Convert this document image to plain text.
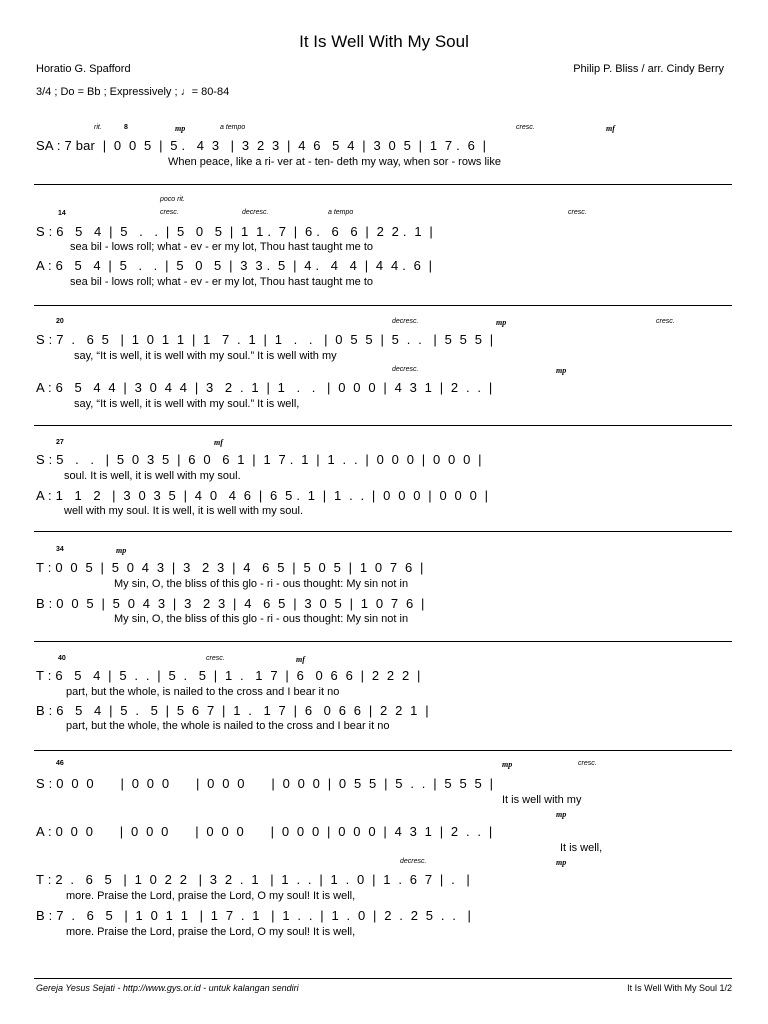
It Is Well With My Soul
Horatio G. Spafford	Philip P. Bliss / arr. Cindy Berry
3/4 ; Do = Bb ; Expressively ; ♩= 80-84
rit.	8	mp	a tempo	cresc.	mf
SA : 7 bar  |  0  0  5  |  5 .   4  3   |  3  2  3  |  4  6   5  4  |  3  0  5  |  1  7 .  6  |
When peace, like a ri- ver at - ten- deth my way, when sor - rows like
poco rit.
14	cresc.	decresc.	a tempo	cresc.
S : 6   5   4  |  5   .   .  |  5   0   5  |  1  1 .  7  |  6 .   6   6  |  2  2 .  1  |
sea bil - lows roll; what - ev - er my lot, Thou hast taught me to
A : 6   5   4  |  5   .   .  |  5   0   5  |  3  3 .  5  |  4 .   4   4  |  4  4 .  6  |
sea bil - lows roll; what - ev - er my lot, Thou hast taught me to
20	decresc.	mp	cresc.
S : 7  .   6  5   |  1  0  1  1  |  1   7  .  1  |  1   .   .   |  0  5  5  |  5  .  .   |  5  5  5  |
say, “It is well, it is well with my soul.” It is well with my
decresc.	mp
A : 6   5   4  4  |  3  0  4  4  |  3   2  .  1  |  1   .   .   |  0  0  0  |  4  3  1  |  2  .  .  |
say, “It is well, it is well with my soul.” It is well,
27	mf
S : 5   .   .   |  5  0  3  5  |  6  0   6  1  |  1  7 .  1  |  1  .  .  |  0  0  0  |  0  0  0  |
soul. It is well, it is well with my soul.
A : 1   1   2   |  3  0  3  5  |  4  0   4  6  |  6  5 .  1  |  1  .  .  |  0  0  0  |  0  0  0  |
well with my soul. It is well, it is well with my soul.
34	mp
T : 0  0  5  |  5  0  4  3  |  3   2  3  |  4   6  5  |  5  0  5  |  1  0  7  6  |
My sin, O, the bliss of this glo - ri - ous thought: My sin not in
B : 0  0  5  |  5  0  4  3  |  3   2  3  |  4   6  5  |  3  0  5  |  1  0  7  6  |
My sin, O, the bliss of this glo - ri - ous thought: My sin not in
40	cresc.	mf
T : 6   5   4  |  5  .  .  |  5  .   5  |  1  .   1  7  |  6   0  6  6  |  2  2  2  |
part, but the whole, is nailed to the cross and I bear it no
B : 6   5   4  |  5  .   5  |  5  6  7  |  1  .   1  7  |  6   0  6  6  |  2  2  1  |
part, but the whole, the whole is nailed to the cross and I bear it no
46	mp	cresc.
S : 0  0  0       |  0  0  0       |  0  0  0       |  0  0  0  |  0  5  5  |  5  .  .  |  5  5  5  |
It is well with my
mp
A : 0  0  0       |  0  0  0       |  0  0  0       |  0  0  0  |  0  0  0  |  4  3  1  |  2  .  .  |
It is well,
decresc.	mp
T : 2  .   6   5   |  1  0  2  2   |  3  2  .  1   |  1  .  .  |  1  .  0  |  1  .  6  7  |  .   |
more. Praise the Lord, praise the Lord, O my soul! It is well,
B : 7  .   6   5   |  1  0  1  1   |  1  7  .  1   |  1  .  .  |  1  .  0  |  2  .  2  5  .  .   |
more. Praise the Lord, praise the Lord, O my soul! It is well,
Gereja Yesus Sejati - http://www.gys.or.id - untuk kalangan sendiri	It Is Well With My Soul 1/2
